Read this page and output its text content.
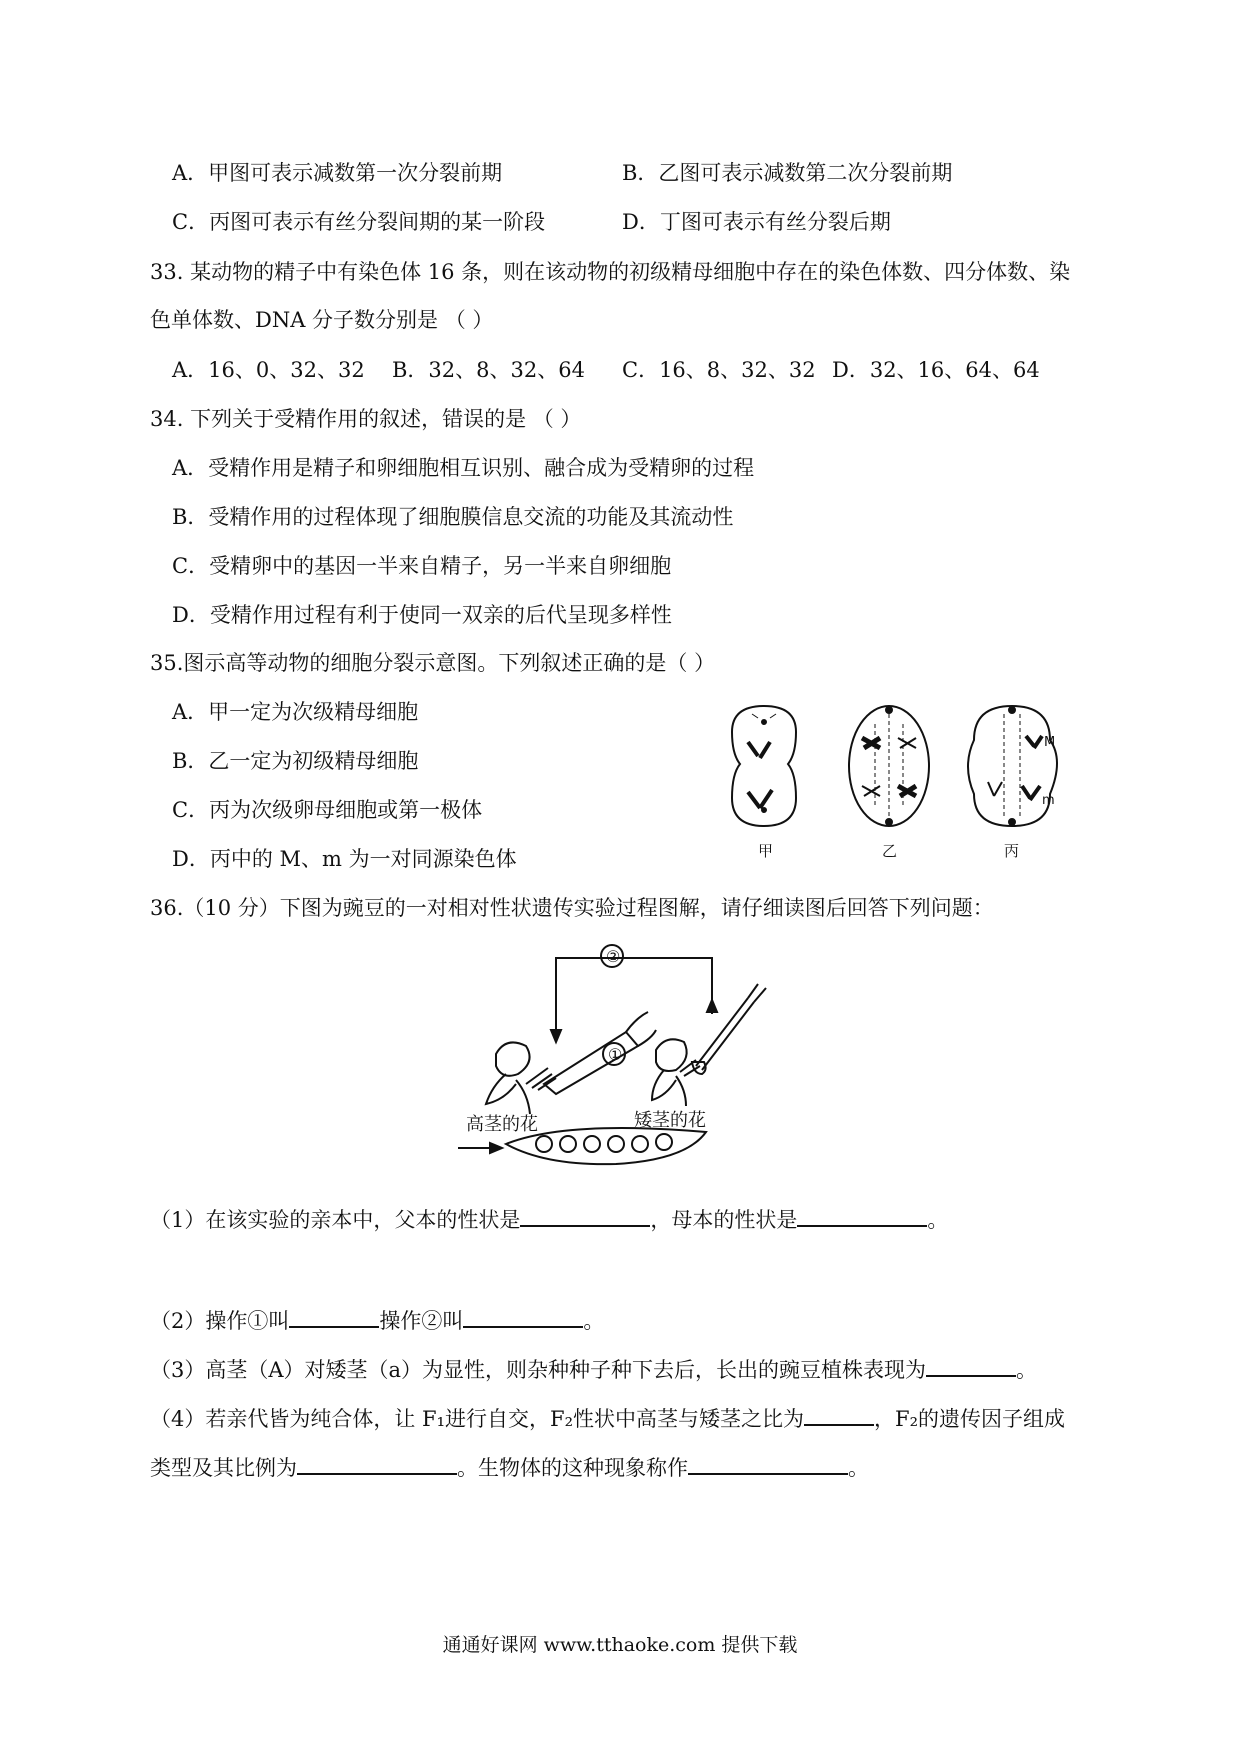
A．甲图可表示减数第一次分裂前期	B．乙图可表示减数第二次分裂前期
C．丙图可表示有丝分裂间期的某一阶段	D．丁图可表示有丝分裂后期
33. 某动物的精子中有染色体 16 条，则在该动物的初级精母细胞中存在的染色体数、四分体数、染
色单体数、DNA 分子数分别是 （ ）
A．16、0、32、32 B．32、8、32、64 C．16、8、32、32 D．32、16、64、64
34. 下列关于受精作用的叙述，错误的是 （ ）
A．受精作用是精子和卵细胞相互识别、融合成为受精卵的过程
B．受精作用的过程体现了细胞膜信息交流的功能及其流动性
C．受精卵中的基因一半来自精子，另一半来自卵细胞
D．受精作用过程有利于使同一双亲的后代呈现多样性
35.图示高等动物的细胞分裂示意图。下列叙述正确的是（ ）
A．甲一定为次级精母细胞
B．乙一定为初级精母细胞
C．丙为次级卵母细胞或第一极体
D．丙中的 M、m 为一对同源染色体
M
m
甲	乙	丙
36.（10 分）下图为豌豆的一对相对性状遗传实验过程图解，请仔细读图后回答下列问题：
②
①
高茎的花	矮茎的花
（1）在该实验的亲本中，父本的性状是	，母本的性状是	。
（2）操作①叫	操作②叫	。
（3）高茎（A）对矮茎（a）为显性，则杂种种子种下去后，长出的豌豆植株表现为	。
（4）若亲代皆为纯合体，让 F₁进行自交，F₂性状中高茎与矮茎之比为	，F₂的遗传因子组成
类型及其比例为	。生物体的这种现象称作	。
通通好课网 www.tthaoke.com 提供下载
